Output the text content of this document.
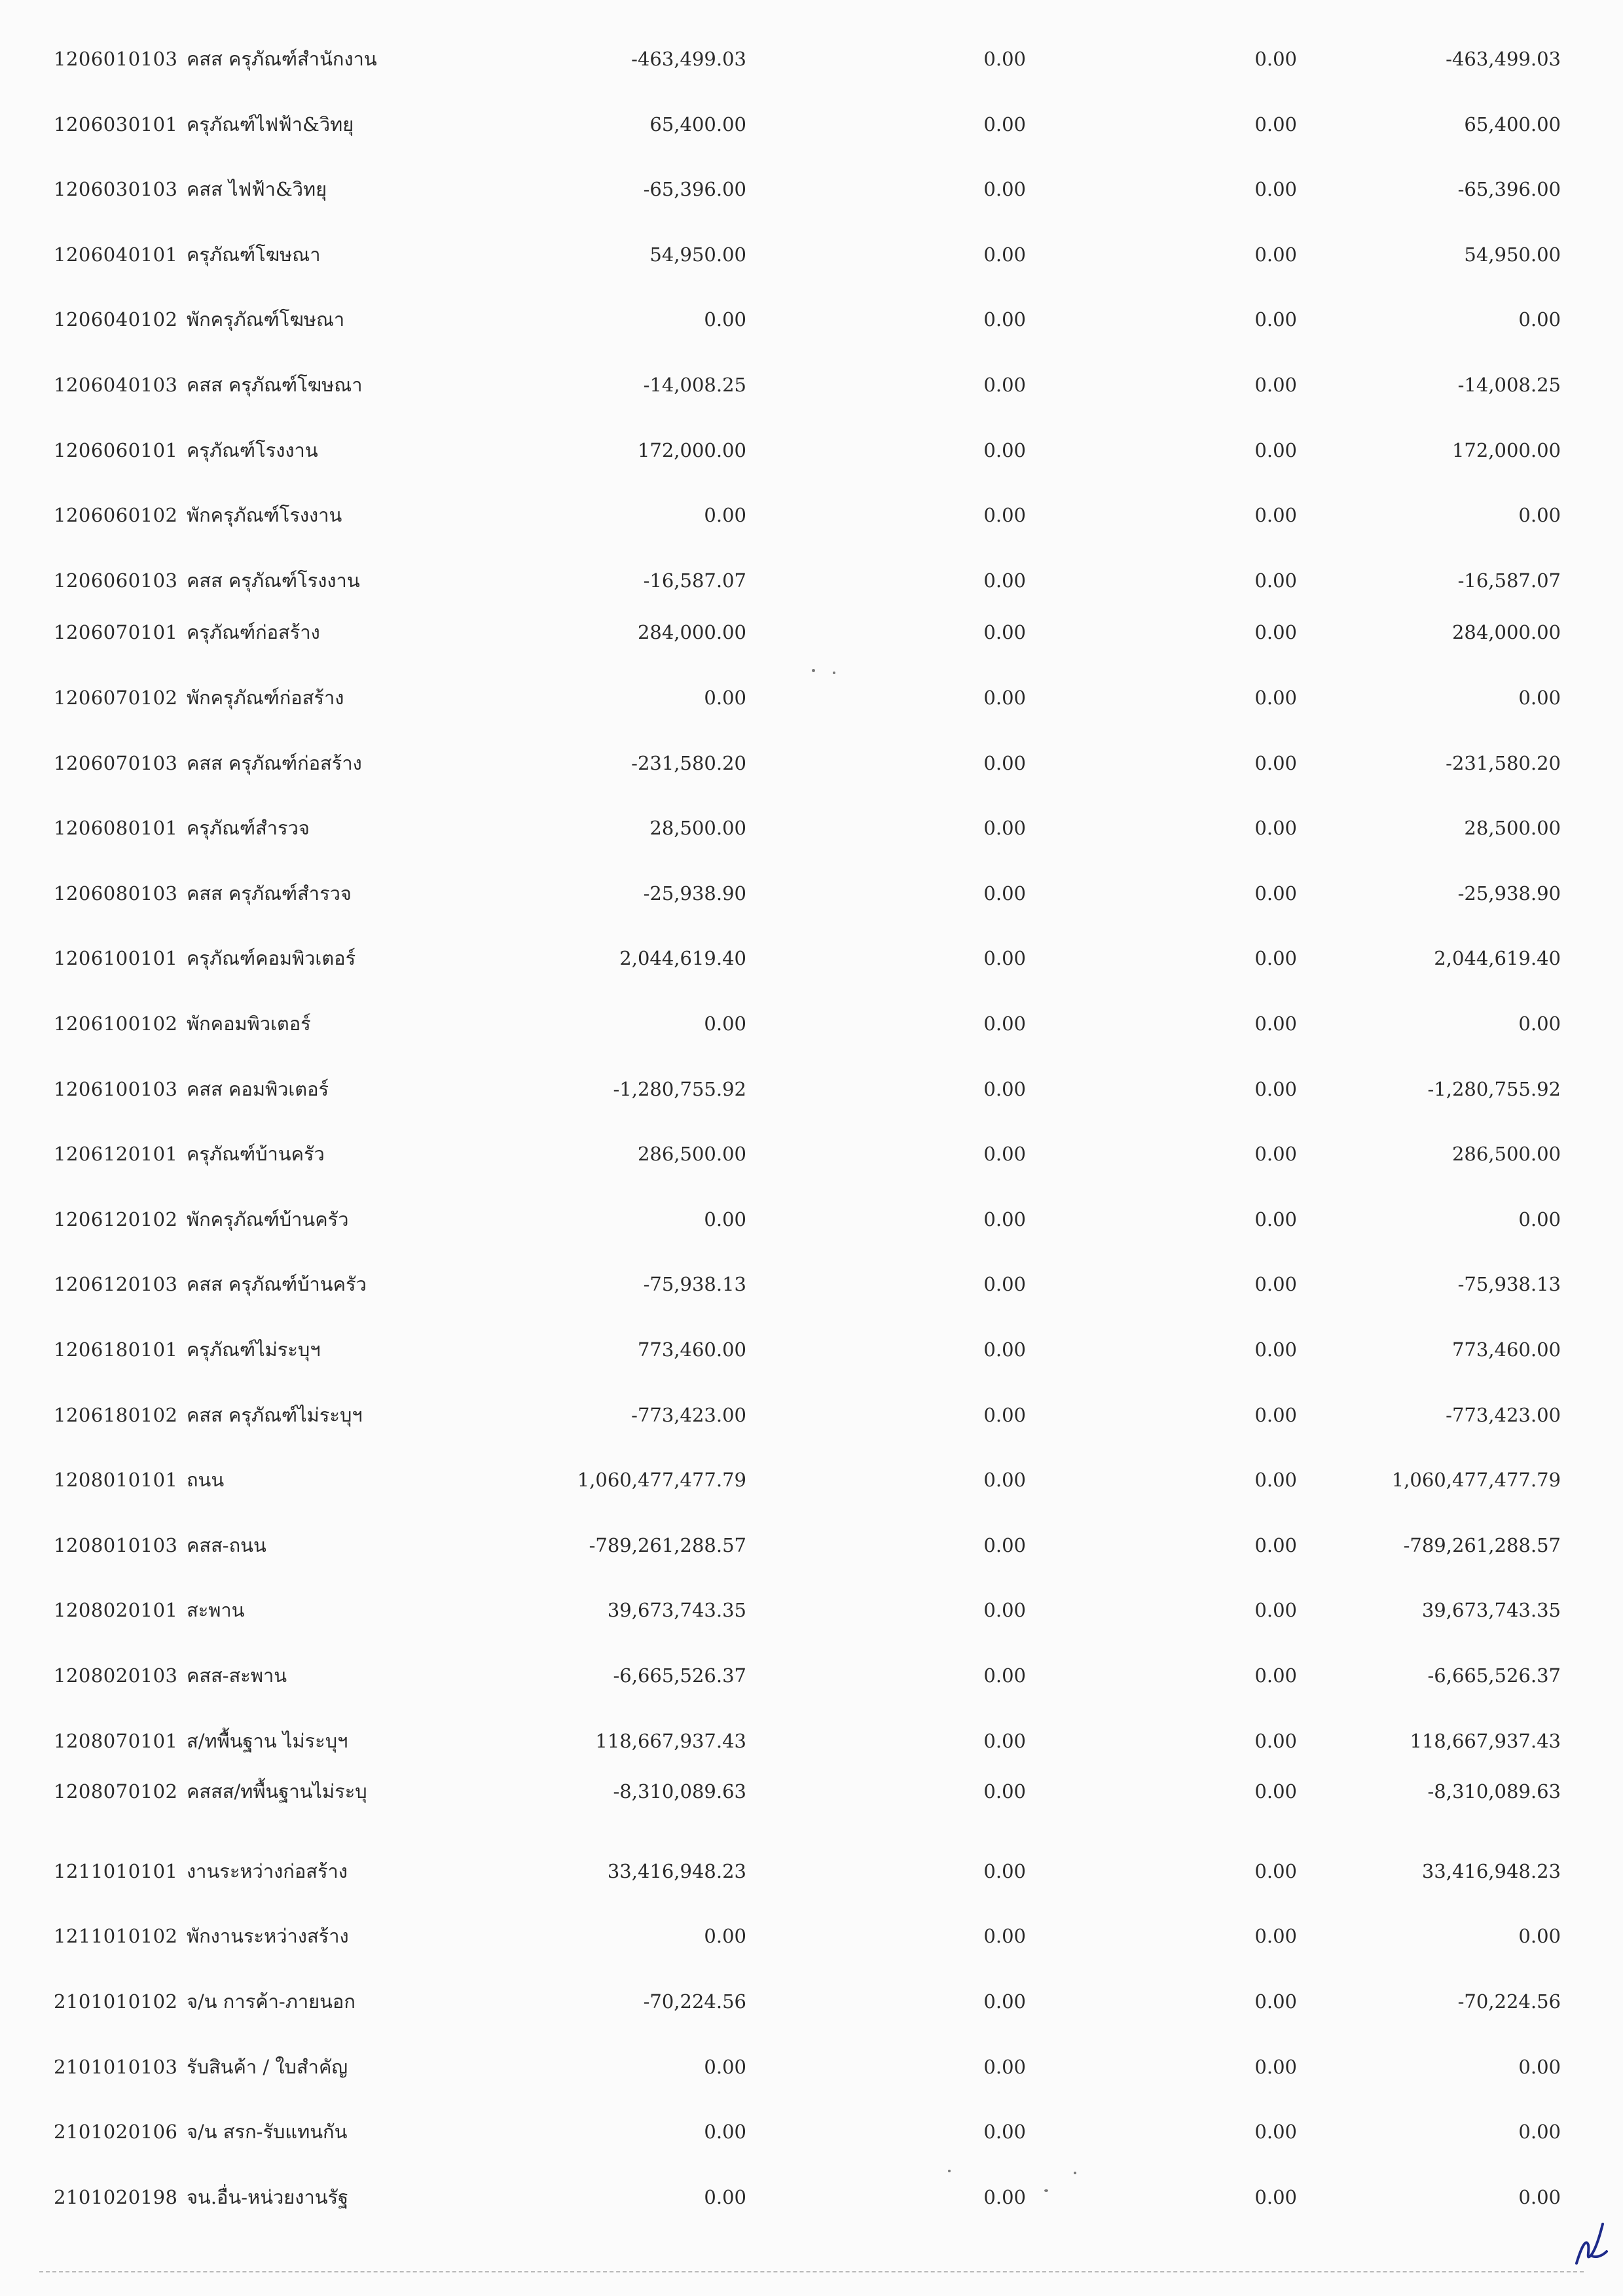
1206010103 คสส ครุภัณฑ์สำนักงาน	-463,499.03	0.00	0.00	-463,499.03
1206030101 ครุภัณฑ์ไฟฟ้า&วิทยุ	65,400.00	0.00	0.00	65,400.00
1206030103 คสส ไฟฟ้า&วิทยุ	-65,396.00	0.00	0.00	-65,396.00
1206040101 ครุภัณฑ์โฆษณา	54,950.00	0.00	0.00	54,950.00
1206040102 พักครุภัณฑ์โฆษณา	0.00	0.00	0.00	0.00
1206040103 คสส ครุภัณฑ์โฆษณา	-14,008.25	0.00	0.00	-14,008.25
1206060101 ครุภัณฑ์โรงงาน	172,000.00	0.00	0.00	172,000.00
1206060102 พักครุภัณฑ์โรงงาน	0.00	0.00	0.00	0.00
1206060103 คสส ครุภัณฑ์โรงงาน	-16,587.07	0.00	0.00	-16,587.07
1206070101 ครุภัณฑ์ก่อสร้าง	284,000.00	0.00	0.00	284,000.00
1206070102 พักครุภัณฑ์ก่อสร้าง	0.00	0.00	0.00	0.00
1206070103 คสส ครุภัณฑ์ก่อสร้าง	-231,580.20	0.00	0.00	-231,580.20
1206080101 ครุภัณฑ์สำรวจ	28,500.00	0.00	0.00	28,500.00
1206080103 คสส ครุภัณฑ์สำรวจ	-25,938.90	0.00	0.00	-25,938.90
1206100101 ครุภัณฑ์คอมพิวเตอร์	2,044,619.40	0.00	0.00	2,044,619.40
1206100102 พักคอมพิวเตอร์	0.00	0.00	0.00	0.00
1206100103 คสส คอมพิวเตอร์	-1,280,755.92	0.00	0.00	-1,280,755.92
1206120101 ครุภัณฑ์บ้านครัว	286,500.00	0.00	0.00	286,500.00
1206120102 พักครุภัณฑ์บ้านครัว	0.00	0.00	0.00	0.00
1206120103 คสส ครุภัณฑ์บ้านครัว	-75,938.13	0.00	0.00	-75,938.13
1206180101 ครุภัณฑ์ไม่ระบุฯ	773,460.00	0.00	0.00	773,460.00
1206180102 คสส ครุภัณฑ์ไม่ระบุฯ	-773,423.00	0.00	0.00	-773,423.00
1208010101 ถนน	1,060,477,477.79	0.00	0.00	1,060,477,477.79
1208010103 คสส-ถนน	-789,261,288.57	0.00	0.00	-789,261,288.57
1208020101 สะพาน	39,673,743.35	0.00	0.00	39,673,743.35
1208020103 คสส-สะพาน	-6,665,526.37	0.00	0.00	-6,665,526.37
1208070101 ส/ทพื้นฐาน ไม่ระบุฯ	118,667,937.43	0.00	0.00	118,667,937.43
1208070102 คสสส/ทพื้นฐานไม่ระบุ	-8,310,089.63	0.00	0.00	-8,310,089.63
1211010101 งานระหว่างก่อสร้าง	33,416,948.23	0.00	0.00	33,416,948.23
1211010102 พักงานระหว่างสร้าง	0.00	0.00	0.00	0.00
2101010102 จ/น การค้า-ภายนอก	-70,224.56	0.00	0.00	-70,224.56
2101010103 รับสินค้า / ใบสำคัญ	0.00	0.00	0.00	0.00
2101020106 จ/น สรก-รับแทนกัน	0.00	0.00	0.00	0.00
2101020198 จน.อื่น-หน่วยงานรัฐ	0.00	0.00	0.00	0.00
